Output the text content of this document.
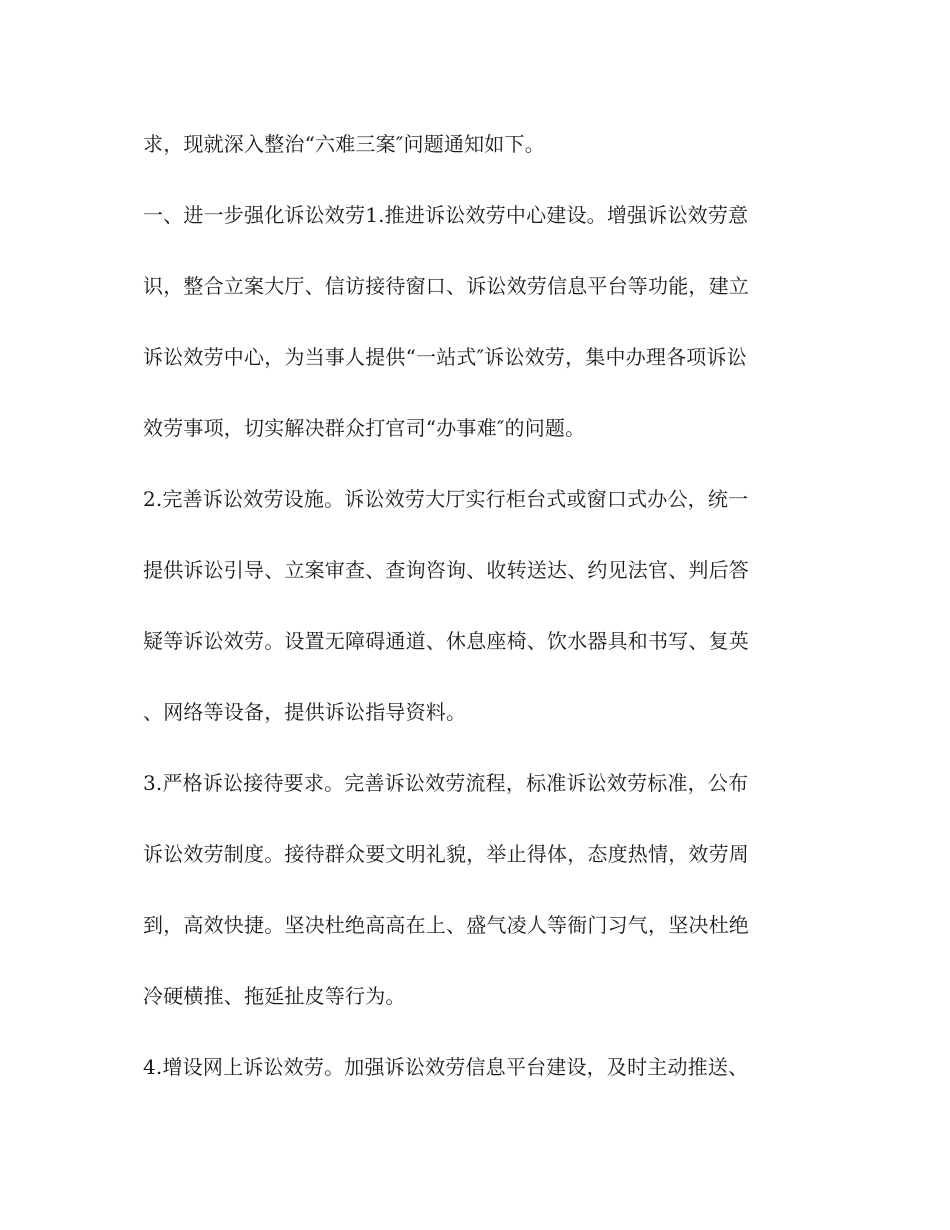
求，现就深入整治“六难三案″问题通知如下。

一、进一步强化诉讼效劳1.推进诉讼效劳中心建设。增强诉讼效劳意

识，整合立案大厅、信访接待窗口、诉讼效劳信息平台等功能，建立

诉讼效劳中心，为当事人提供“一站式″诉讼效劳，集中办理各项诉讼

效劳事项，切实解决群众打官司“办事难″的问题。

2.完善诉讼效劳设施。诉讼效劳大厅实行柜台式或窗口式办公，统一

提供诉讼引导、立案审查、查询咨询、收转送达、约见法官、判后答

疑等诉讼效劳。设置无障碍通道、休息座椅、饮水器具和书写、复英

、网络等设备，提供诉讼指导资料。

3.严格诉讼接待要求。完善诉讼效劳流程，标准诉讼效劳标准，公布

诉讼效劳制度。接待群众要文明礼貌，举止得体，态度热情，效劳周

到，高效快捷。坚决杜绝高高在上、盛气凌人等衙门习气，坚决杜绝

冷硬横推、拖延扯皮等行为。

4.增设网上诉讼效劳。加强诉讼效劳信息平台建设，及时主动推送、
